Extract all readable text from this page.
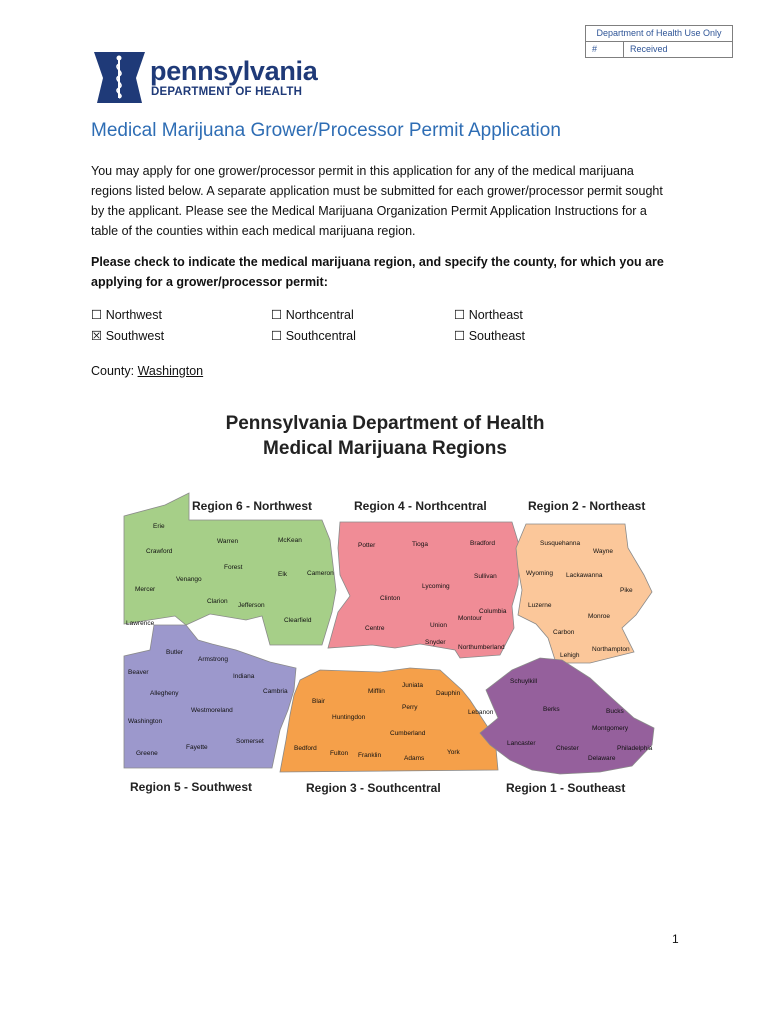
Department of Health Use Only
#	Received
pennsylvania
DEPARTMENT OF HEALTH
Medical Marijuana Grower/Processor Permit Application
You may apply for one grower/processor permit in this application for any of the medical marijuana regions listed below. A separate application must be submitted for each grower/processor permit sought by the applicant. Please see the Medical Marijuana Organization Permit Application Instructions for a table of the counties within each medical marijuana region.
Please check to indicate the medical marijuana region, and specify the county, for which you are applying for a grower/processor permit:
☐ Northwest	☐ Northcentral	☐ Northeast
☒ Southwest	☐ Southcentral	☐ Southeast
County: Washington
Pennsylvania Department of Health
Medical Marijuana Regions
Region 6 - Northwest	Region 4 - Northcentral	Region 2 - Northeast
Region 5 - Southwest	Region 3 - Southcentral	Region 1 - Southeast
Erie
Warren	McKean
Crawford
Forest
Elk	Cameron
Venango
Mercer
Clarion
Jefferson
Lawrence	Clearfield
Potter	Tioga	Bradford
Sullivan
Lycoming
Clinton
Columbia
Montour
Centre	Union
Snyder
Northumberland
Susquehanna
Wayne
Wyoming Lackawanna
Pike
Luzerne
Monroe
Carbon
Northampton
Lehigh
Butler
Armstrong
Beaver
Indiana
Allegheny	Cambria
Westmoreland
Washington
Somerset
Greene
Fayette
Juniata
Mifflin	Dauphin
Blair
Perry
Lebanon
Huntingdon
Cumberland
Bedford
Fulton Franklin	Adams
York
Schuylkill
Berks	Bucks
Montgomery
Lancaster
Chester	Philadelphia
Delaware
1
